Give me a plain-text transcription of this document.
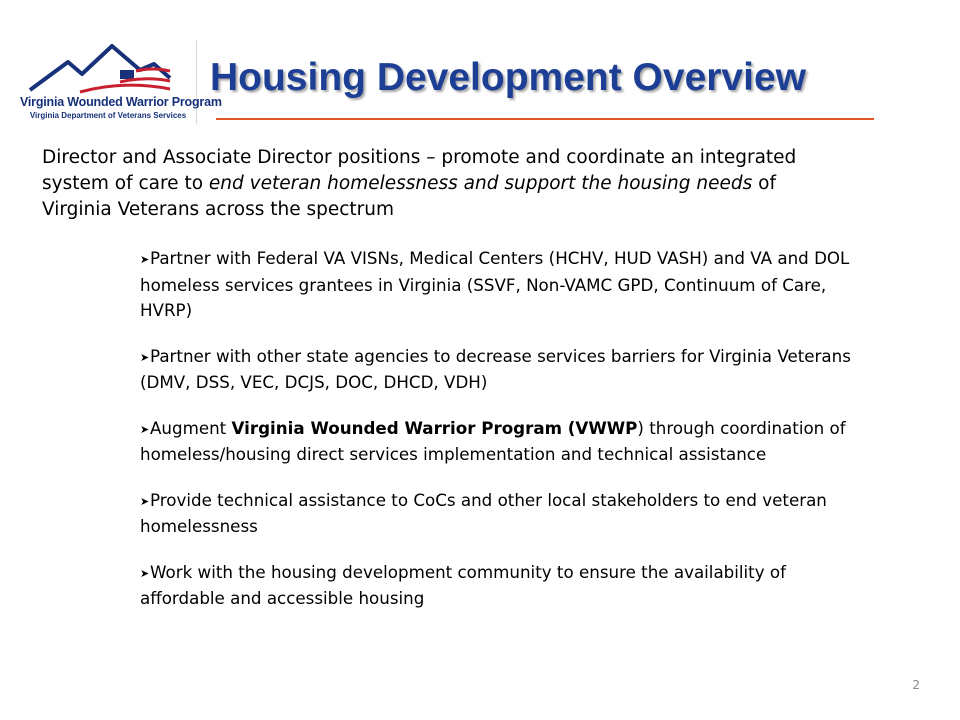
Virginia Wounded Warrior Program
Virginia Department of Veterans Services
Housing Development Overview
Director and Associate Director positions – promote and coordinate an integrated system of care to end veteran homelessness and support the housing needs of Virginia Veterans across the spectrum
➤Partner with Federal VA VISNs, Medical Centers (HCHV, HUD VASH) and VA and DOL homeless services grantees in Virginia (SSVF, Non-VAMC GPD, Continuum of Care, HVRP)
➤Partner with other state agencies to decrease services barriers for Virginia Veterans (DMV, DSS, VEC, DCJS, DOC, DHCD, VDH)
➤Augment Virginia Wounded Warrior Program (VWWP) through coordination of homeless/housing direct services implementation and technical assistance
➤Provide technical assistance to CoCs and other local stakeholders to end veteran homelessness
➤Work with the housing development community to ensure the availability of affordable and accessible housing
2
